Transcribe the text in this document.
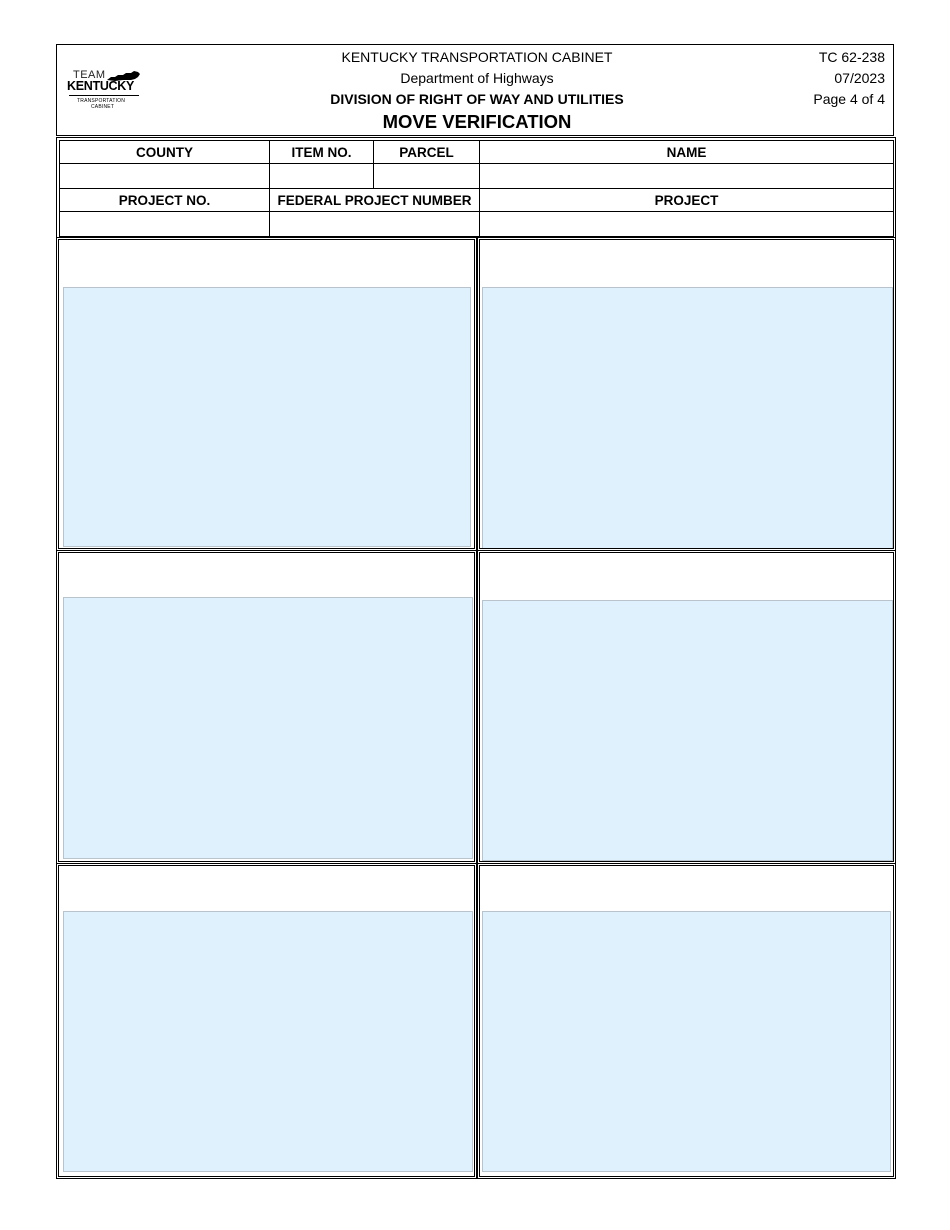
TEAM
KENTUCKY
TRANSPORTATION
CABINET
KENTUCKY TRANSPORTATION CABINET
Department of Highways
DIVISION OF RIGHT OF WAY AND UTILITIES
MOVE VERIFICATION
TC 62-238
07/2023
Page 4 of 4
COUNTY	ITEM NO.	PARCEL	NAME

PROJECT NO.	FEDERAL PROJECT NUMBER		PROJECT
